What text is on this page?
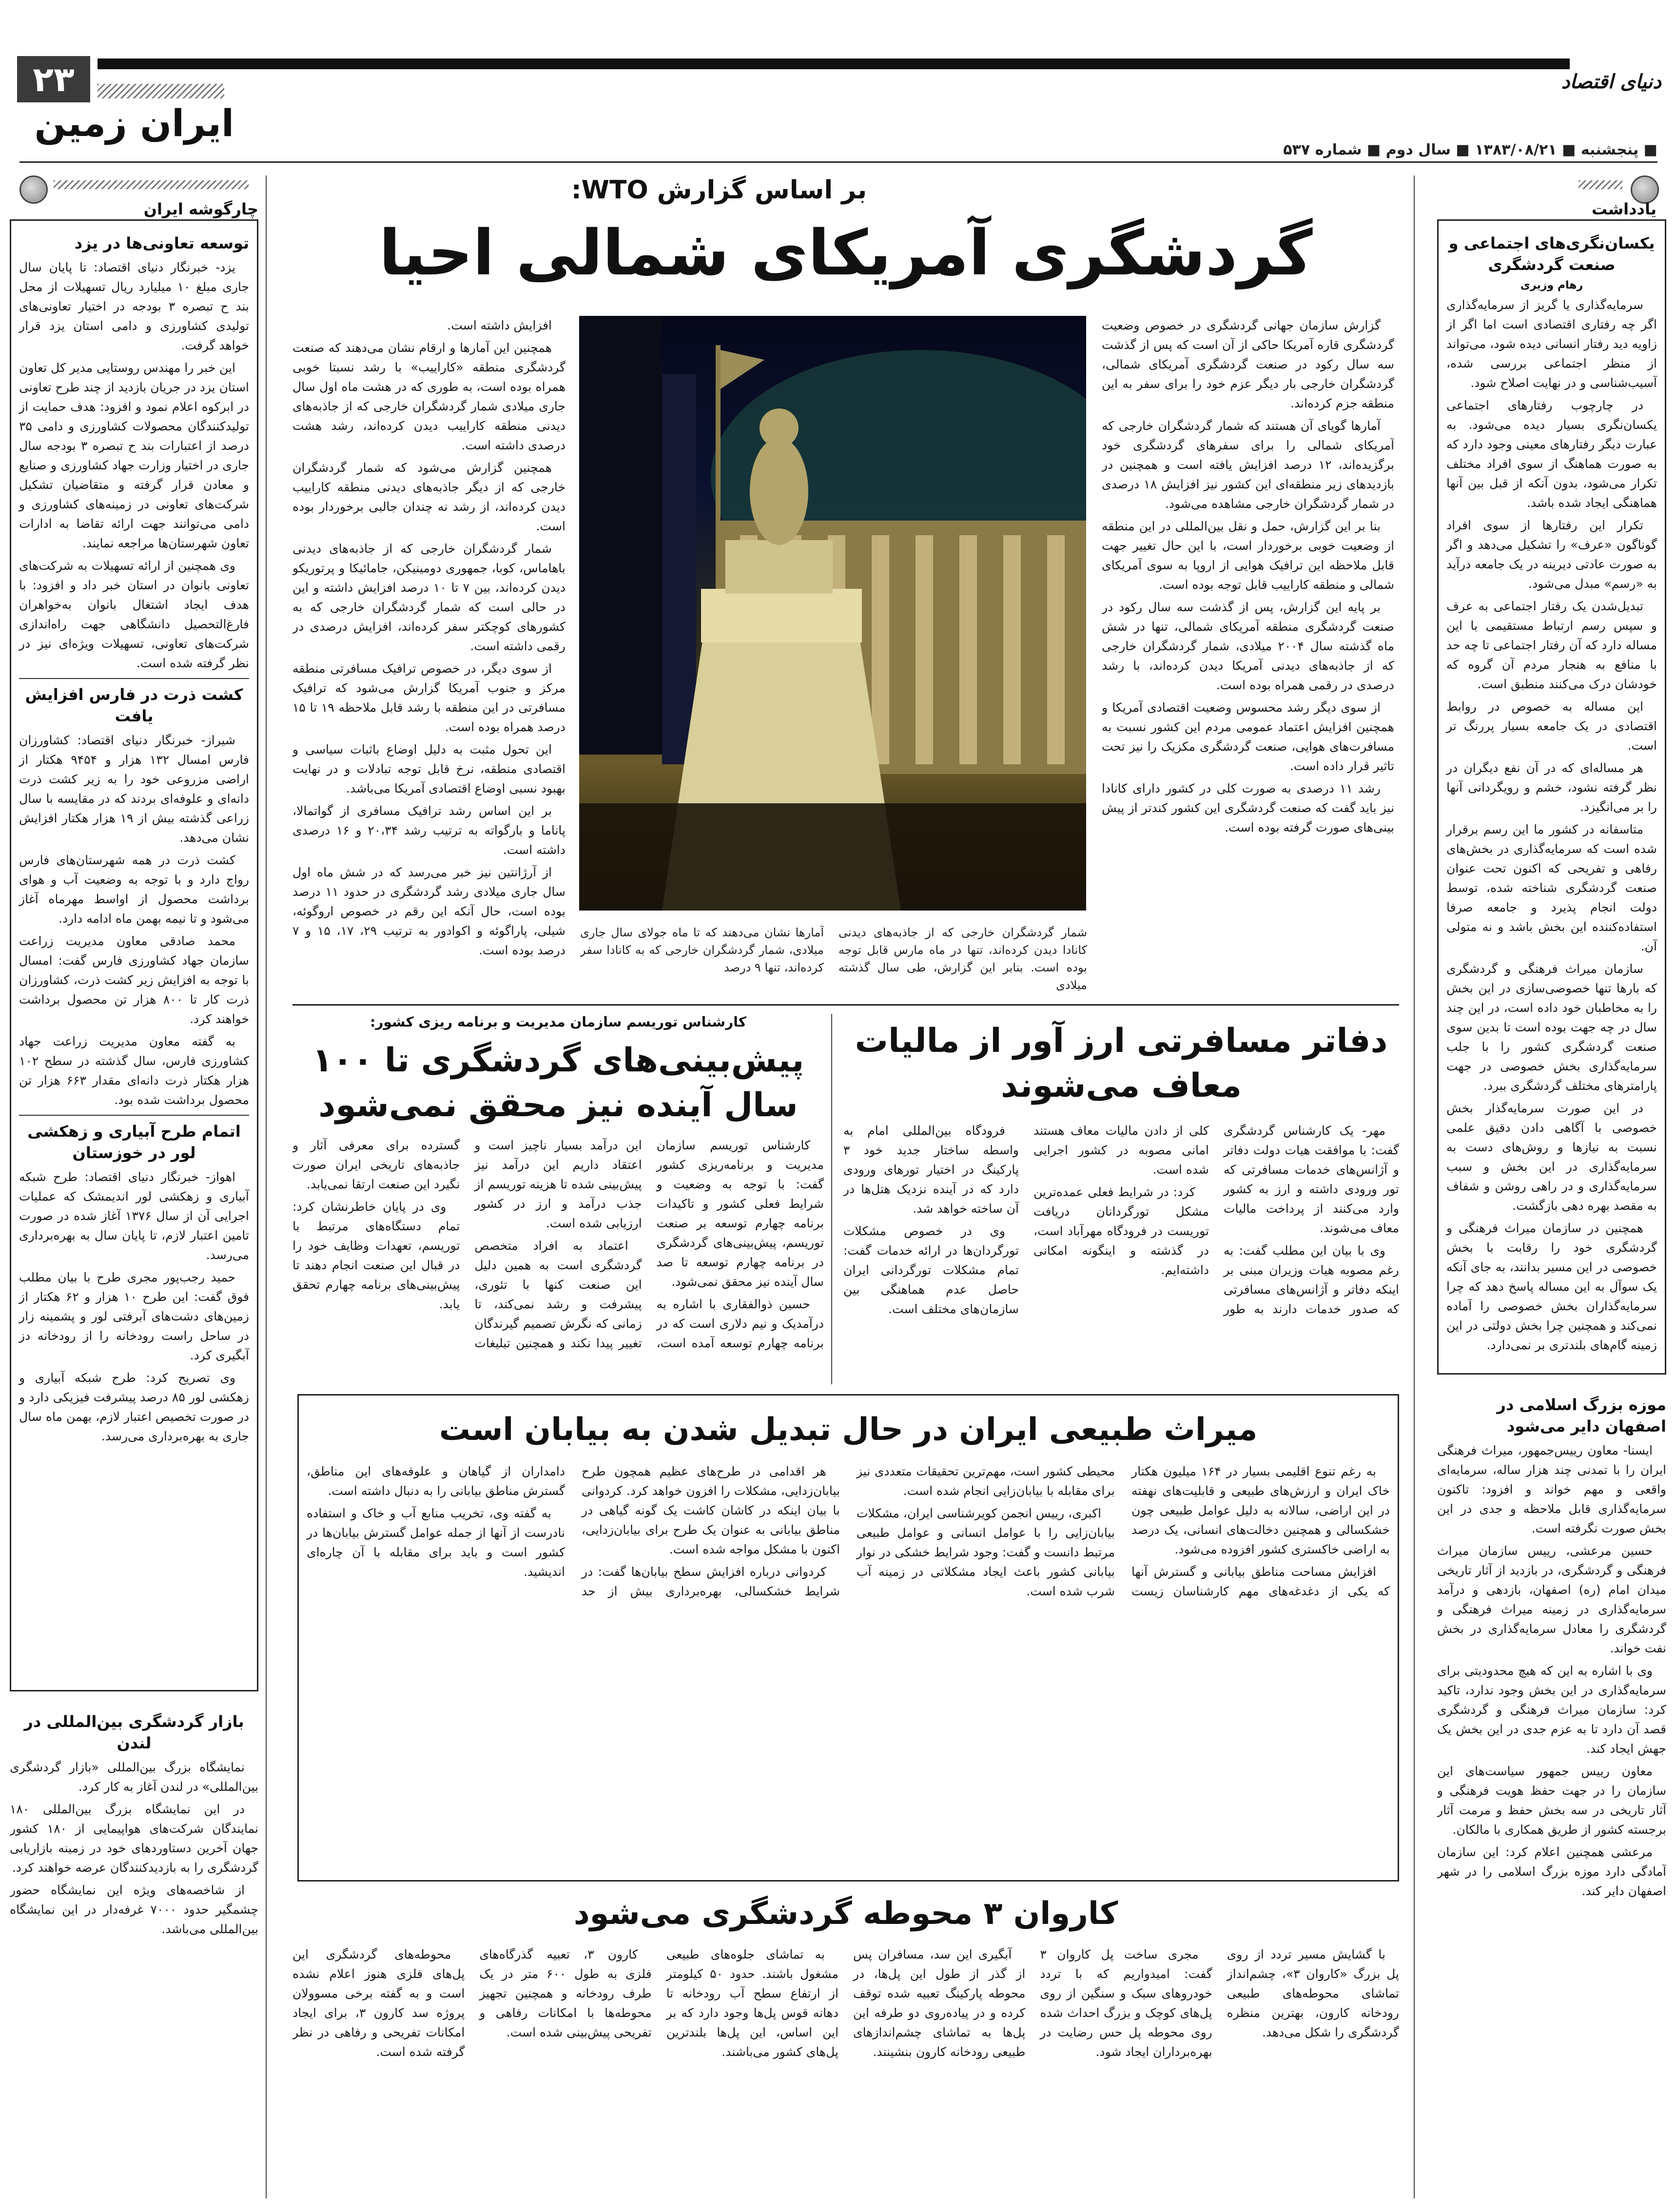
۲۳
ایران زمین
دنیای اقتصاد
■ پنجشنبه ■ ۱۳۸۳/۰۸/۲۱ ■ سال دوم ■ شماره ۵۳۷
یادداشت
یکسان‌نگری‌های اجتماعی و صنعت گردشگری
رهام وزیری

سرمایه‌گذاری یا گریز از سرمایه‌گذاری اگر چه رفتاری اقتصادی است اما اگر از زاویه دید رفتار انسانی دیده شود، می‌تواند از منظر اجتماعی بررسی شده، آسیب‌شناسی و در نهایت اصلاح شود.

در چارچوب رفتارهای اجتماعی یکسان‌نگری بسیار دیده می‌شود. به عبارت دیگر رفتارهای معینی وجود دارد که به صورت هماهنگ از سوی افراد مختلف تکرار می‌شود، بدون آنکه از قبل بین آنها هماهنگی ایجاد شده باشد.

تکرار این رفتارها از سوی افراد گوناگون «عرف» را تشکیل می‌دهد و اگر به صورت عادتی دیرینه در یک جامعه درآید به «رسم» مبدل می‌شود.

تبدیل‌شدن یک رفتار اجتماعی به عرف و سپس رسم ارتباط مستقیمی با این مساله دارد که آن رفتار اجتماعی تا چه حد با منافع به هنجار مردم آن گروه که خودشان درک می‌کنند منطبق است.

این مساله به خصوص در روابط اقتصادی در یک جامعه بسیار پررنگ تر است.

هر مساله‌ای که در آن نفع دیگران در نظر گرفته نشود، خشم و رویگردانی آنها را بر می‌انگیزد.

متاسفانه در کشور ما این رسم برقرار شده است که سرمایه‌گذاری در بخش‌های رفاهی و تفریحی که اکنون تحت عنوان صنعت گردشگری شناخته شده، توسط دولت انجام پذیرد و جامعه صرفا استفاده‌کننده این بخش باشد و نه متولی آن.

سازمان میراث فرهنگی و گردشگری که بارها تنها خصوصی‌سازی در این بخش را به مخاطبان خود داده است، در این چند سال در چه جهت بوده است تا بدین سوی صنعت گردشگری کشور را با جلب سرمایه‌گذاری بخش خصوصی در جهت پارامترهای مختلف گردشگری ببرد.

در این صورت سرمایه‌گذار بخش خصوصی با آگاهی دادن دقیق علمی نسبت به نیازها و روش‌های دست به سرمایه‌گذاری در این بخش و سبب سرمایه‌گذاری و در راهی روشن و شفاف به مقصد بهره دهی بازگشت.

همچنین در سازمان میراث فرهنگی و گردشگری خود را رقابت با بخش خصوصی در این مسیر بدانند، به جای آنکه یک سوآل به این مساله پاسخ دهد که چرا سرمایه‌گذاران بخش خصوصی را آماده نمی‌کند و همچنین چرا بخش دولتی در این زمینه گام‌های بلندتری بر نمی‌دارد.

موزه بزرگ اسلامی در اصفهان دایر می‌شود

ایسنا- معاون رییس‌جمهور، میراث فرهنگی ایران را با تمدنی چند هزار ساله، سرمایه‌ای واقعی و مهم خواند و افزود: تاکنون سرمایه‌گذاری قابل ملاحظه و جدی در این بخش صورت نگرفته است.

حسین مرعشی، رییس سازمان میراث فرهنگی و گردشگری، در بازدید از آثار تاریخی میدان امام (ره) اصفهان، بازدهی و درآمد سرمایه‌گذاری در زمینه میراث فرهنگی و گردشگری را معادل سرمایه‌گذاری در بخش نفت خواند.

وی با اشاره به این که هیچ محدودیتی برای سرمایه‌گذاری در این بخش وجود ندارد، تاکید کرد: سازمان میراث فرهنگی و گردشگری قصد آن دارد تا به عزم جدی در این بخش یک جهش ایجاد کند.

معاون رییس جمهور سیاست‌های این سازمان را در جهت حفظ هویت فرهنگی و آثار تاریخی در سه بخش حفظ و مرمت آثار برجسته کشور از طریق همکاری با مالکان.

مرعشی همچنین اعلام کرد: این سازمان آمادگی دارد موزه بزرگ اسلامی را در شهر اصفهان دایر کند.

چارگوشه ایران
توسعه تعاونی‌ها در یزد

یزد- خبرنگار دنیای اقتصاد: تا پایان سال جاری مبلغ ۱۰ میلیارد ریال تسهیلات از محل بند ح تبصره ۳ بودجه در اختیار تعاونی‌های تولیدی کشاورزی و دامی استان یزد قرار خواهد گرفت.

این خبر را مهندس روستایی مدیر کل تعاون استان یزد در جریان بازدید از چند طرح تعاونی در ابرکوه اعلام نمود و افزود: هدف حمایت از تولیدکنندگان محصولات کشاورزی و دامی ۳۵ درصد از اعتبارات بند ح تبصره ۳ بودجه سال جاری در اختیار وزارت جهاد کشاورزی و صنایع و معادن قرار گرفته و متقاضیان تشکیل شرکت‌های تعاونی در زمینه‌های کشاورزی و دامی می‌توانند جهت ارائه تقاضا به ادارات تعاون شهرستان‌ها مراجعه نمایند.

وی همچنین از ارائه تسهیلات به شرکت‌های تعاونی بانوان در استان خبر داد و افزود: با هدف ایجاد اشتغال بانوان به‌خواهران فارغ‌التحصیل دانشگاهی جهت راه‌اندازی شرکت‌های تعاونی، تسهیلات ویژه‌ای نیز در نظر گرفته شده است.

کشت ذرت در فارس افزایش یافت

شیراز- خبرنگار دنیای اقتصاد: کشاورزان فارس امسال ۱۳۲ هزار و ۹۴۵۴ هکتار از اراضی مزروعی خود را به زیر کشت ذرت دانه‌ای و علوفه‌ای بردند که در مقایسه با سال زراعی گذشته بیش از ۱۹ هزار هکتار افزایش نشان می‌دهد.

کشت ذرت در همه شهرستان‌های فارس رواج دارد و با توجه به وضعیت آب و هوای برداشت محصول از اواسط مهرماه آغاز می‌شود و تا نیمه بهمن ماه ادامه دارد.

محمد صادقی معاون مدیریت زراعت سازمان جهاد کشاورزی فارس گفت: امسال با توجه به افزایش زیر کشت ذرت، کشاورزان ذرت کار تا ۸۰۰ هزار تن محصول برداشت خواهند کرد.

به گفته معاون مدیریت زراعت جهاد کشاورزی فارس، سال گذشته در سطح ۱۰۲ هزار هکتار ذرت دانه‌ای مقدار ۶۶۳ هزار تن محصول برداشت شده بود.

اتمام طرح آبیاری و زهکشی لور در خوزستان

اهواز- خبرنگار دنیای اقتصاد: طرح شبکه آبیاری و زهکشی لور اندیمشک که عملیات اجرایی آن از سال ۱۳۷۶ آغاز شده در صورت تامین اعتبار لازم، تا پایان سال به بهره‌برداری می‌رسد.

حمید رجب‌پور مجری طرح با بیان مطلب فوق گفت: این طرح ۱۰ هزار و ۶۲ هکتار از زمین‌های دشت‌های آبرفتی لور و پشمینه زار در ساحل راست رودخانه را از رودخانه دز آبگیری کرد.

وی تصریح کرد: طرح شبکه آبیاری و زهکشی لور ۸۵ درصد پیشرفت فیزیکی دارد و در صورت تخصیص اعتبار لازم، بهمن ماه سال جاری به بهره‌برداری می‌رسد.

بازار گردشگری بین‌المللی در لندن

نمایشگاه بزرگ بین‌المللی «بازار گردشگری بین‌المللی» در لندن آغاز به کار کرد.

در این نمایشگاه بزرگ بین‌المللی ۱۸۰ نمایندگان شرکت‌های هواپیمایی از ۱۸۰ کشور جهان آخرین دستاوردهای خود در زمینه بازاریابی گردشگری را به بازدیدکنندگان عرضه خواهند کرد.

از شاخصه‌های ویژه این نمایشگاه حضور چشمگیر حدود ۷۰۰۰ غرفه‌دار در این نمایشگاه بین‌المللی می‌باشد.

بر اساس گزارش WTO:
گردشگری آمریکای شمالی احیا

گزارش سازمان جهانی گردشگری در خصوص وضعیت گردشگری قاره آمریکا حاکی از آن است که پس از گذشت سه سال رکود در صنعت گردشگری آمریکای شمالی، گردشگران خارجی بار دیگر عزم خود را برای سفر به این منطقه جزم کرده‌اند.

آمارها گویای آن هستند که شمار گردشگران خارجی که آمریکای شمالی را برای سفرهای گردشگری خود برگزیده‌اند، ۱۲ درصد افزایش یافته است و همچنین در بازدیدهای زیر منطقه‌ای این کشور نیز افزایش ۱۸ درصدی در شمار گردشگران خارجی مشاهده می‌شود.

بنا بر این گزارش، حمل و نقل بین‌المللی در این منطقه از وضعیت خوبی برخوردار است، با این حال تغییر جهت قابل ملاحظه این ترافیک هوایی از اروپا به سوی آمریکای شمالی و منطقه کاراییب قابل توجه بوده است.

بر پایه این گزارش، پس از گذشت سه سال رکود در صنعت گردشگری منطقه آمریکای شمالی، تنها در شش ماه گذشته سال ۲۰۰۴ میلادی، شمار گردشگران خارجی که از جاذبه‌های دیدنی آمریکا دیدن کرده‌اند، با رشد درصدی در رقمی همراه بوده است.

از سوی دیگر رشد محسوس وضعیت اقتصادی آمریکا و همچنین افزایش اعتماد عمومی مردم این کشور نسبت به مسافرت‌های هوایی، صنعت گردشگری مکزیک را نیز تحت تاثیر قرار داده است.

رشد ۱۱ درصدی به صورت کلی در کشور دارای کانادا نیز باید گفت که صنعت گردشگری این کشور کندتر از پیش بینی‌های صورت گرفته بوده است.

افزایش داشته است.

همچنین این آمارها و ارقام نشان می‌دهند که صنعت گردشگری منطقه «کاراییب» با رشد نسبتا خوبی همراه بوده است، به طوری که در هشت ماه اول سال جاری میلادی شمار گردشگران خارجی که از جاذبه‌های دیدنی منطقه کاراییب دیدن کرده‌اند، رشد هشت درصدی داشته است.

همچنین گزارش می‌شود که شمار گردشگران خارجی که از دیگر جاذبه‌های دیدنی منطقه کاراییب دیدن کرده‌اند، از رشد نه چندان جالبی برخوردار بوده است.

شمار گردشگران خارجی که از جاذبه‌های دیدنی باهاماس، کوبا، جمهوری دومینیکن، جامائیکا و پرتوریکو دیدن کرده‌اند، بین ۷ تا ۱۰ درصد افزایش داشته و این در حالی است که شمار گردشگران خارجی که به کشورهای کوچکتر سفر کرده‌اند، افزایش درصدی در رقمی داشته است.

از سوی دیگر، در خصوص ترافیک مسافرتی منطقه مرکز و جنوب آمریکا گزارش می‌شود که ترافیک مسافرتی در این منطقه با رشد قابل ملاحظه ۱۹ تا ۱۵ درصد همراه بوده است.

این تحول مثبت به دلیل اوضاع باثبات سیاسی و اقتصادی منطقه، نرخ قابل توجه تبادلات و در نهایت بهبود نسبی اوضاع اقتصادی آمریکا می‌باشد.

بر این اساس رشد ترافیک مسافری از گواتمالا، پاناما و بارگواته به ترتیب رشد ۲۰،۳۴ و ۱۶ درصدی داشته است.

از آرژانتین نیز خبر می‌رسد که در شش ماه اول سال جاری میلادی رشد گردشگری در حدود ۱۱ درصد بوده است، حال آنکه این رقم در خصوص اروگوئه، شیلی، پاراگوئه و اکوادور به ترتیب ۲۹، ۱۷، ۱۵ و ۷ درصد بوده است.

شمار گردشگران خارجی که از جاذبه‌های دیدنی کانادا دیدن کرده‌اند، تنها در ماه مارس قابل توجه بوده است. بنابر این گزارش، طی سال گذشته میلادی
آمارها نشان می‌دهند که تا ماه جولای سال جاری میلادی، شمار گردشگران خارجی که به کانادا سفر کرده‌اند، تنها ۹ درصد
دفاتر مسافرتی ارز آور از مالیات معاف می‌شوند

مهر- یک کارشناس گردشگری گفت: با موافقت هیات دولت دفاتر و آژانس‌های خدمات مسافرتی که تور ورودی داشته و ارز به کشور وارد می‌کنند از پرداخت مالیات معاف می‌شوند.

وی با بیان این مطلب گفت: به رغم مصوبه هیات وزیران مبنی بر اینکه دفاتر و آژانس‌های مسافرتی که صدور خدمات دارند به طور کلی از دادن مالیات معاف هستند امانی مصوبه در کشور اجرایی شده است.

کرد: در شرایط فعلی عمده‌ترین مشکل تورگردانان دریافت توریست در فرودگاه مهرآباد است، در گذشته و اینگونه امکانی داشته‌ایم.

فرودگاه بین‌المللی امام به واسطه ساختار جدید خود ۳ پارکینگ در اختیار تورهای ورودی دارد که در آینده نزدیک هتل‌ها در آن ساخته خواهد شد.

وی در خصوص مشکلات تورگردان‌ها در ارائه خدمات گفت: تمام مشکلات تورگردانی ایران حاصل عدم هماهنگی بین سازمان‌های مختلف است.

کارشناس توریسم سازمان مدیریت و برنامه ریزی کشور:
پیش‌بینی‌های گردشگری تا ۱۰۰ سال آینده نیز محقق نمی‌شود

کارشناس توریسم سازمان مدیریت و برنامه‌ریزی کشور گفت: با توجه به وضعیت و شرایط فعلی کشور و تاکیدات برنامه چهارم توسعه بر صنعت توریسم، پیش‌بینی‌های گردشگری در برنامه چهارم توسعه تا صد سال آینده نیز محقق نمی‌شود.

حسین ذوالفقاری با اشاره به درآمدیک و نیم دلاری است که در برنامه چهارم توسعه آمده است، این درآمد بسیار ناچیز است و اعتقاد داریم این درآمد نیز پیش‌بینی شده تا هزینه توریسم از جذب درآمد و ارز در کشور ارزیابی شده است.

اعتماد به افراد متخصص گردشگری است به همین دلیل این صنعت کنها با تئوری، پیشرفت و رشد نمی‌کند، تا زمانی که نگرش تصمیم گیرندگان تغییر پیدا نکند و همچنین تبلیغات گسترده برای معرفی آثار و جاذبه‌های تاریخی ایران صورت نگیرد این صنعت ارتقا نمی‌یابد.

وی در پایان خاطرنشان کرد: تمام دستگاه‌های مرتبط با توریسم، تعهدات وظایف خود را در قبال این صنعت انجام دهند تا پیش‌بینی‌های برنامه چهارم تحقق یابد.

میراث طبیعی ایران در حال تبدیل شدن به بیابان است

به رغم تنوع اقلیمی بسیار در ۱۶۴ میلیون هکتار خاک ایران و ارزش‌های طبیعی و قابلیت‌های نهفته در این اراضی، سالانه به دلیل عوامل طبیعی چون خشکسالی و همچنین دخالت‌های انسانی، یک درصد به اراضی خاکستری کشور افزوده می‌شود.

افزایش مساحت مناطق بیابانی و گسترش آنها که یکی از دغدغه‌های مهم کارشناسان زیست محیطی کشور است، مهم‌ترین تحقیقات متعددی نیز برای مقابله با بیابان‌زایی انجام شده است.

اکبری، رییس انجمن کویرشناسی ایران، مشکلات بیابان‌زایی را با عوامل انسانی و عوامل طبیعی مرتبط دانست و گفت: وجود شرایط خشکی در نوار بیابانی کشور باعث ایجاد مشکلاتی در زمینه آب شرب شده است.

هر اقدامی در طرح‌های عظیم همچون طرح بیابان‌زدایی، مشکلات را افزون خواهد کرد. کردوانی با بیان اینکه در کاشان کاشت یک گونه گیاهی در مناطق بیابانی به عنوان یک طرح برای بیابان‌زدایی، اکنون با مشکل مواجه شده است.

کردوانی درباره افزایش سطح بیابان‌ها گفت: در شرایط خشکسالی، بهره‌برداری بیش از حد دامداران از گیاهان و علوفه‌های این مناطق، گسترش مناطق بیابانی را به دنبال داشته است.

به گفته وی، تخریب منابع آب و خاک و استفاده نادرست از آنها از جمله عوامل گسترش بیابان‌ها در کشور است و باید برای مقابله با آن چاره‌ای اندیشید.

کاروان ۳ محوطه گردشگری می‌شود

با گشایش مسیر تردد از روی پل بزرگ «کاروان ۳»، چشم‌انداز تماشای محوطه‌های طبیعی رودخانه کارون، بهترین منظره گردشگری را شکل می‌دهد.

مجری ساخت پل کاروان ۳ گفت: امیدواریم که با تردد خودروهای سبک و سنگین از روی پل‌های کوچک و بزرگ احداث شده روی محوطه پل حس رضایت در بهره‌برداران ایجاد شود.

آبگیری این سد، مسافران پس از گذر از طول این پل‌ها، در محوطه پارکینگ تعبیه شده توقف کرده و در پیاده‌روی دو طرفه این پل‌ها به تماشای چشم‌اندازهای طبیعی رودخانه کارون بنشینند.

به تماشای جلوه‌های طبیعی مشغول باشند. حدود ۵۰ کیلومتر از ارتفاع سطح آب رودخانه تا دهانه قوس پل‌ها وجود دارد که بر این اساس، این پل‌ها بلندترین پل‌های کشور می‌باشند.

کارون ۳، تعبیه گذرگاه‌های فلزی به طول ۶۰۰ متر در یک طرف رودخانه و همچنین تجهیز محوطه‌ها با امکانات رفاهی و تفریحی پیش‌بینی شده است.

محوطه‌های گردشگری این پل‌های فلزی هنوز اعلام نشده است و به گفته برخی مسوولان پروژه سد کارون ۳، برای ایجاد امکانات تفریحی و رفاهی در نظر گرفته شده است.
